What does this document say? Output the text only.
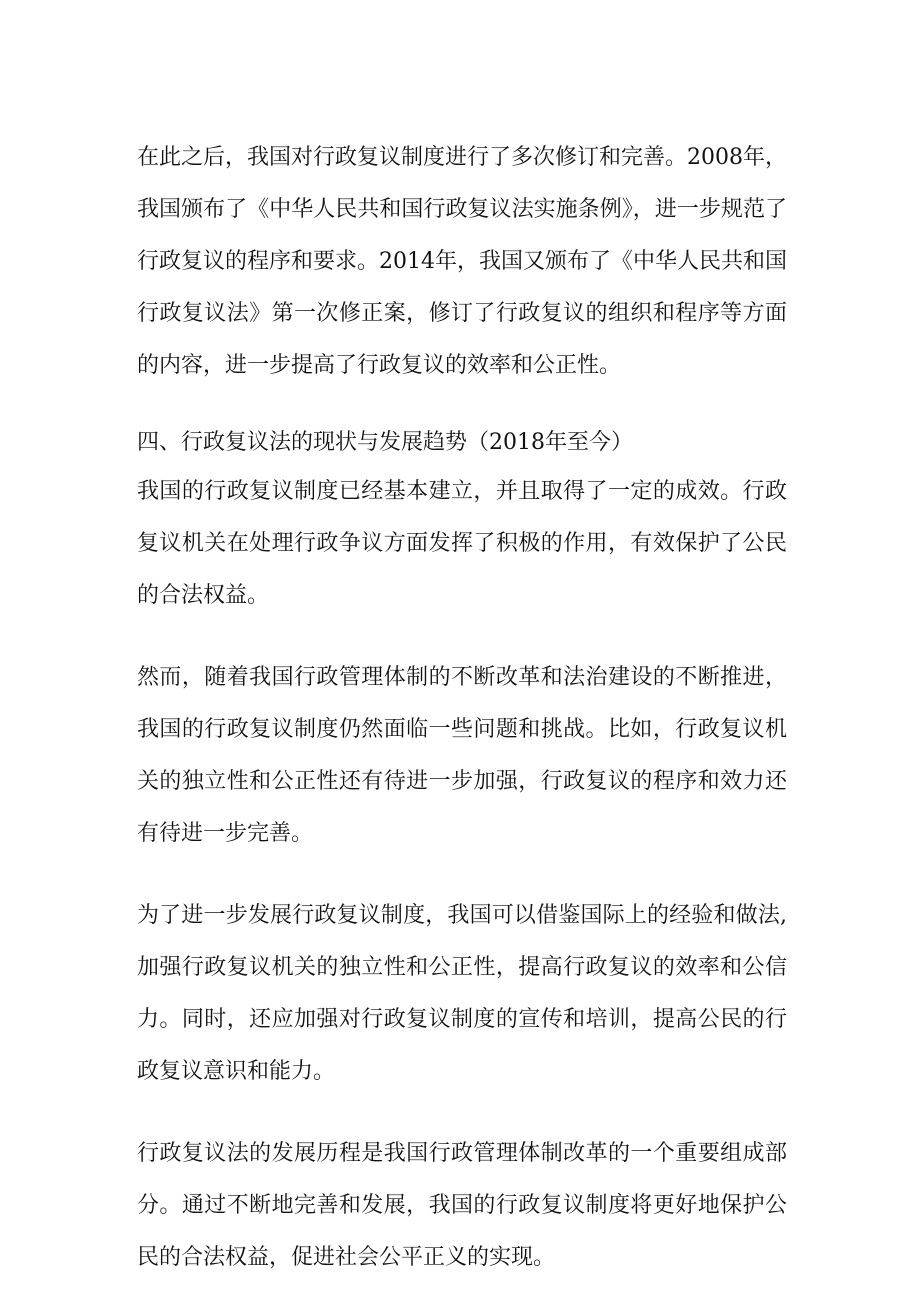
在此之后，我国对行政复议制度进行了多次修订和完善。2008年，我国颁布了《中华人民共和国行政复议法实施条例》，进一步规范了行政复议的程序和要求。2014年，我国又颁布了《中华人民共和国行政复议法》第一次修正案，修订了行政复议的组织和程序等方面的内容，进一步提高了行政复议的效率和公正性。

四、行政复议法的现状与发展趋势（2018年至今）

我国的行政复议制度已经基本建立，并且取得了一定的成效。行政复议机关在处理行政争议方面发挥了积极的作用，有效保护了公民的合法权益。

然而，随着我国行政管理体制的不断改革和法治建设的不断推进，我国的行政复议制度仍然面临一些问题和挑战。比如，行政复议机关的独立性和公正性还有待进一步加强，行政复议的程序和效力还有待进一步完善。

为了进一步发展行政复议制度，我国可以借鉴国际上的经验和做法,加强行政复议机关的独立性和公正性，提高行政复议的效率和公信力。同时，还应加强对行政复议制度的宣传和培训，提高公民的行政复议意识和能力。

行政复议法的发展历程是我国行政管理体制改革的一个重要组成部分。通过不断地完善和发展，我国的行政复议制度将更好地保护公民的合法权益，促进社会公平正义的实现。
